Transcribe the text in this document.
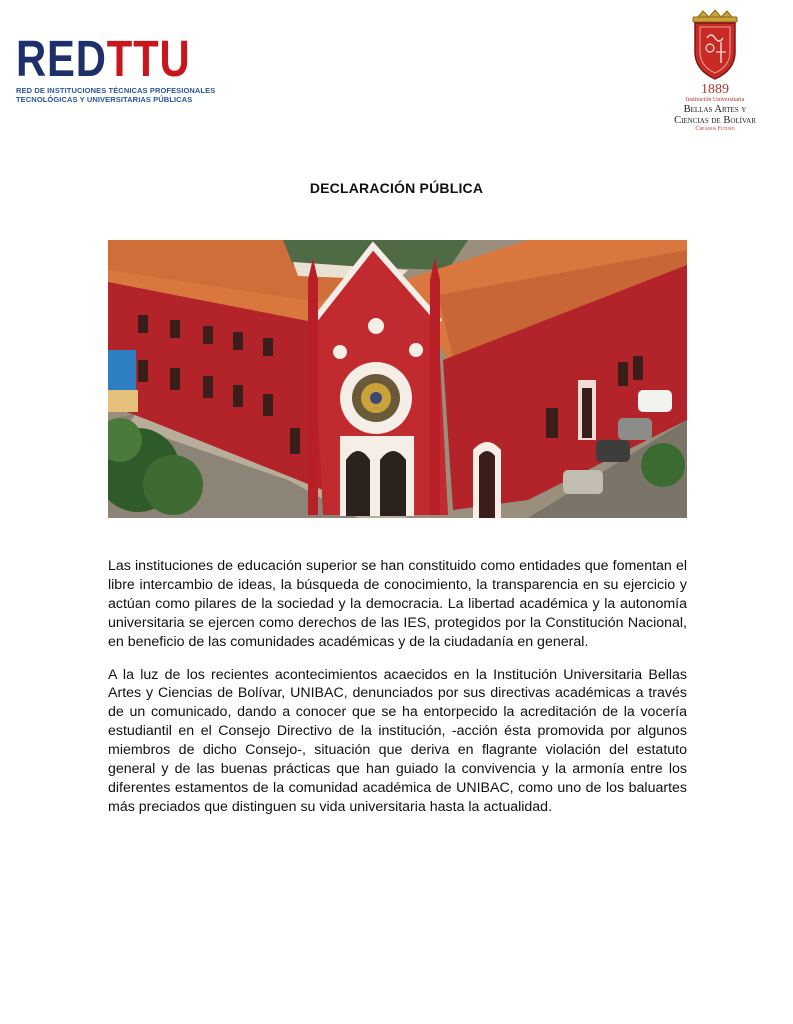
REDTTU
RED DE INSTITUCIONES TÉCNICAS PROFESIONALES
TECNOLÓGICAS Y UNIVERSITARIAS PÚBLICAS
1889
Institución Universitaria
Bellas Artes y
Ciencias de Bolívar
Creamos Futuro
DECLARACIÓN PÚBLICA

Las instituciones de educación superior se han constituido como entidades que fomentan el libre intercambio de ideas, la búsqueda de conocimiento, la transparencia en su ejercicio y actúan como pilares de la sociedad y la democracia. La libertad académica y la autonomía universitaria se ejercen como derechos de las IES, protegidos por la Constitución Nacional, en beneficio de las comunidades académicas y de la ciudadanía en general.

A la luz de los recientes acontecimientos acaecidos en la Institución Universitaria Bellas Artes y Ciencias de Bolívar, UNIBAC, denunciados por sus directivas académicas a través de un comunicado, dando a conocer que se ha entorpecido la acreditación de la vocería estudiantil en el Consejo Directivo de la institución, -acción ésta promovida por algunos miembros de dicho Consejo-, situación que deriva en flagrante violación del estatuto general y de las buenas prácticas que han guiado la convivencia y la armonía entre los diferentes estamentos de la comunidad académica de UNIBAC, como uno de los baluartes más preciados que distinguen su vida universitaria hasta la actualidad.
